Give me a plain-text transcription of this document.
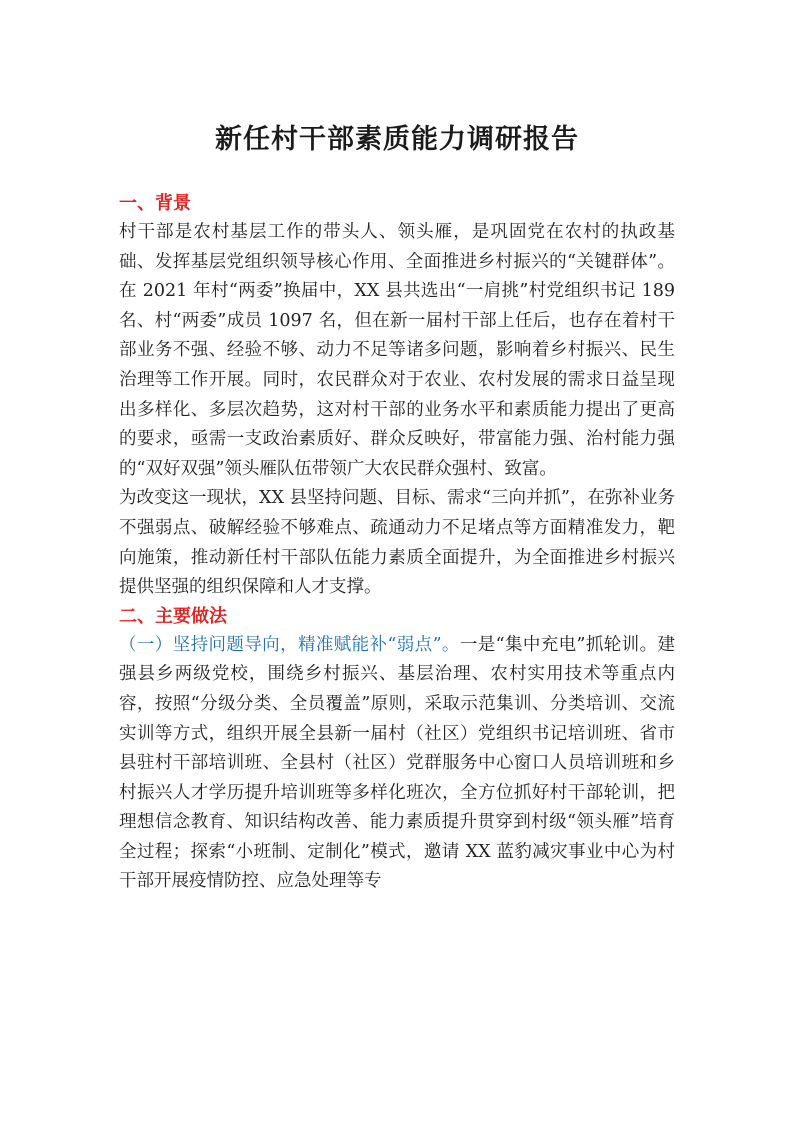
新任村干部素质能力调研报告
一、背景

村干部是农村基层工作的带头人、领头雁，是巩固党在农村的执政基础、发挥基层党组织领导核心作用、全面推进乡村振兴的“关键群体”。在 2021 年村“两委”换届中，XX 县共选出“一肩挑”村党组织书记 189 名、村“两委”成员 1097 名，但在新一届村干部上任后，也存在着村干部业务不强、经验不够、动力不足等诸多问题，影响着乡村振兴、民生治理等工作开展。同时，农民群众对于农业、农村发展的需求日益呈现出多样化、多层次趋势，这对村干部的业务水平和素质能力提出了更高的要求，亟需一支政治素质好、群众反映好，带富能力强、治村能力强的“双好双强”领头雁队伍带领广大农民群众强村、致富。

为改变这一现状，XX 县坚持问题、目标、需求“三向并抓”，在弥补业务不强弱点、破解经验不够难点、疏通动力不足堵点等方面精准发力，靶向施策，推动新任村干部队伍能力素质全面提升，为全面推进乡村振兴提供坚强的组织保障和人才支撑。

二、主要做法

（一）坚持问题导向，精准赋能补“弱点”。一是“集中充电”抓轮训。建强县乡两级党校，围绕乡村振兴、基层治理、农村实用技术等重点内容，按照“分级分类、全员覆盖”原则，采取示范集训、分类培训、交流实训等方式，组织开展全县新一届村（社区）党组织书记培训班、省市县驻村干部培训班、全县村（社区）党群服务中心窗口人员培训班和乡村振兴人才学历提升培训班等多样化班次，全方位抓好村干部轮训，把理想信念教育、知识结构改善、能力素质提升贯穿到村级“领头雁”培育全过程；探索“小班制、定制化”模式，邀请 XX 蓝豹减灾事业中心为村干部开展疫情防控、应急处理等专
